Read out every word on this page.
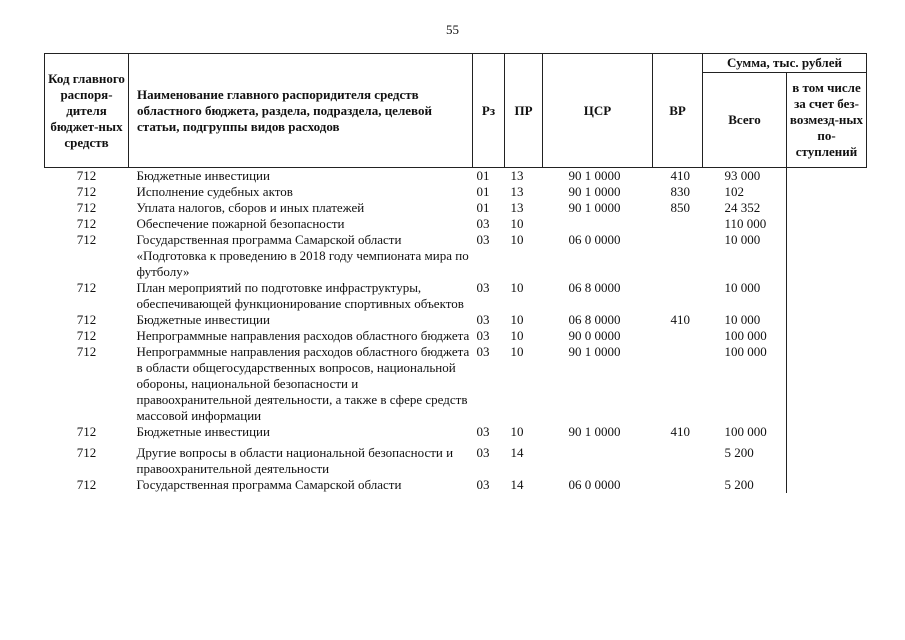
55
Код главного распоря-дителя бюджет-ных средств	Наименование главного распоридителя средств областного бюджета, раздела, подраздела, целевой статьи, подгруппы видов расходов	Рз	ПР	ЦСР	ВР	Сумма, тыс. рублей	
						Всего	в том числе за счет без-возмезд-ных по-ступлений
712	Бюджетные инвестиции	01	13	90 1 0000	410	93 000	
712	Исполнение судебных актов	01	13	90 1 0000	830	102	
712	Уплата налогов, сборов и иных платежей	01	13	90 1 0000	850	24 352	
712	Обеспечение пожарной безопасности	03	10			110 000	
712	Государственная программа Самарской области «Подготовка к проведению в 2018 году чемпионата мира по футболу»	03	10	06 0 0000		10 000	
712	План мероприятий по подготовке инфраструктуры, обеспечивающей функционирование спортивных объектов	03	10	06 8 0000		10 000	
712	Бюджетные инвестиции	03	10	06 8 0000	410	10 000	
712	Непрограммные направления расходов областного бюджета	03	10	90 0 0000		100 000	
712	Непрограммные направления расходов областного бюджета в области общегосударственных вопросов, национальной обороны, национальной безопасности и правоохранительной деятельности, а также в сфере средств массовой информации	03	10	90 1 0000		100 000	
712	Бюджетные инвестиции	03	10	90 1 0000	410	100 000	
712	Другие вопросы в области национальной безопасности и правоохранительной деятельности	03	14			5 200	
712	Государственная программа Самарской области	03	14	06 0 0000		5 200	
